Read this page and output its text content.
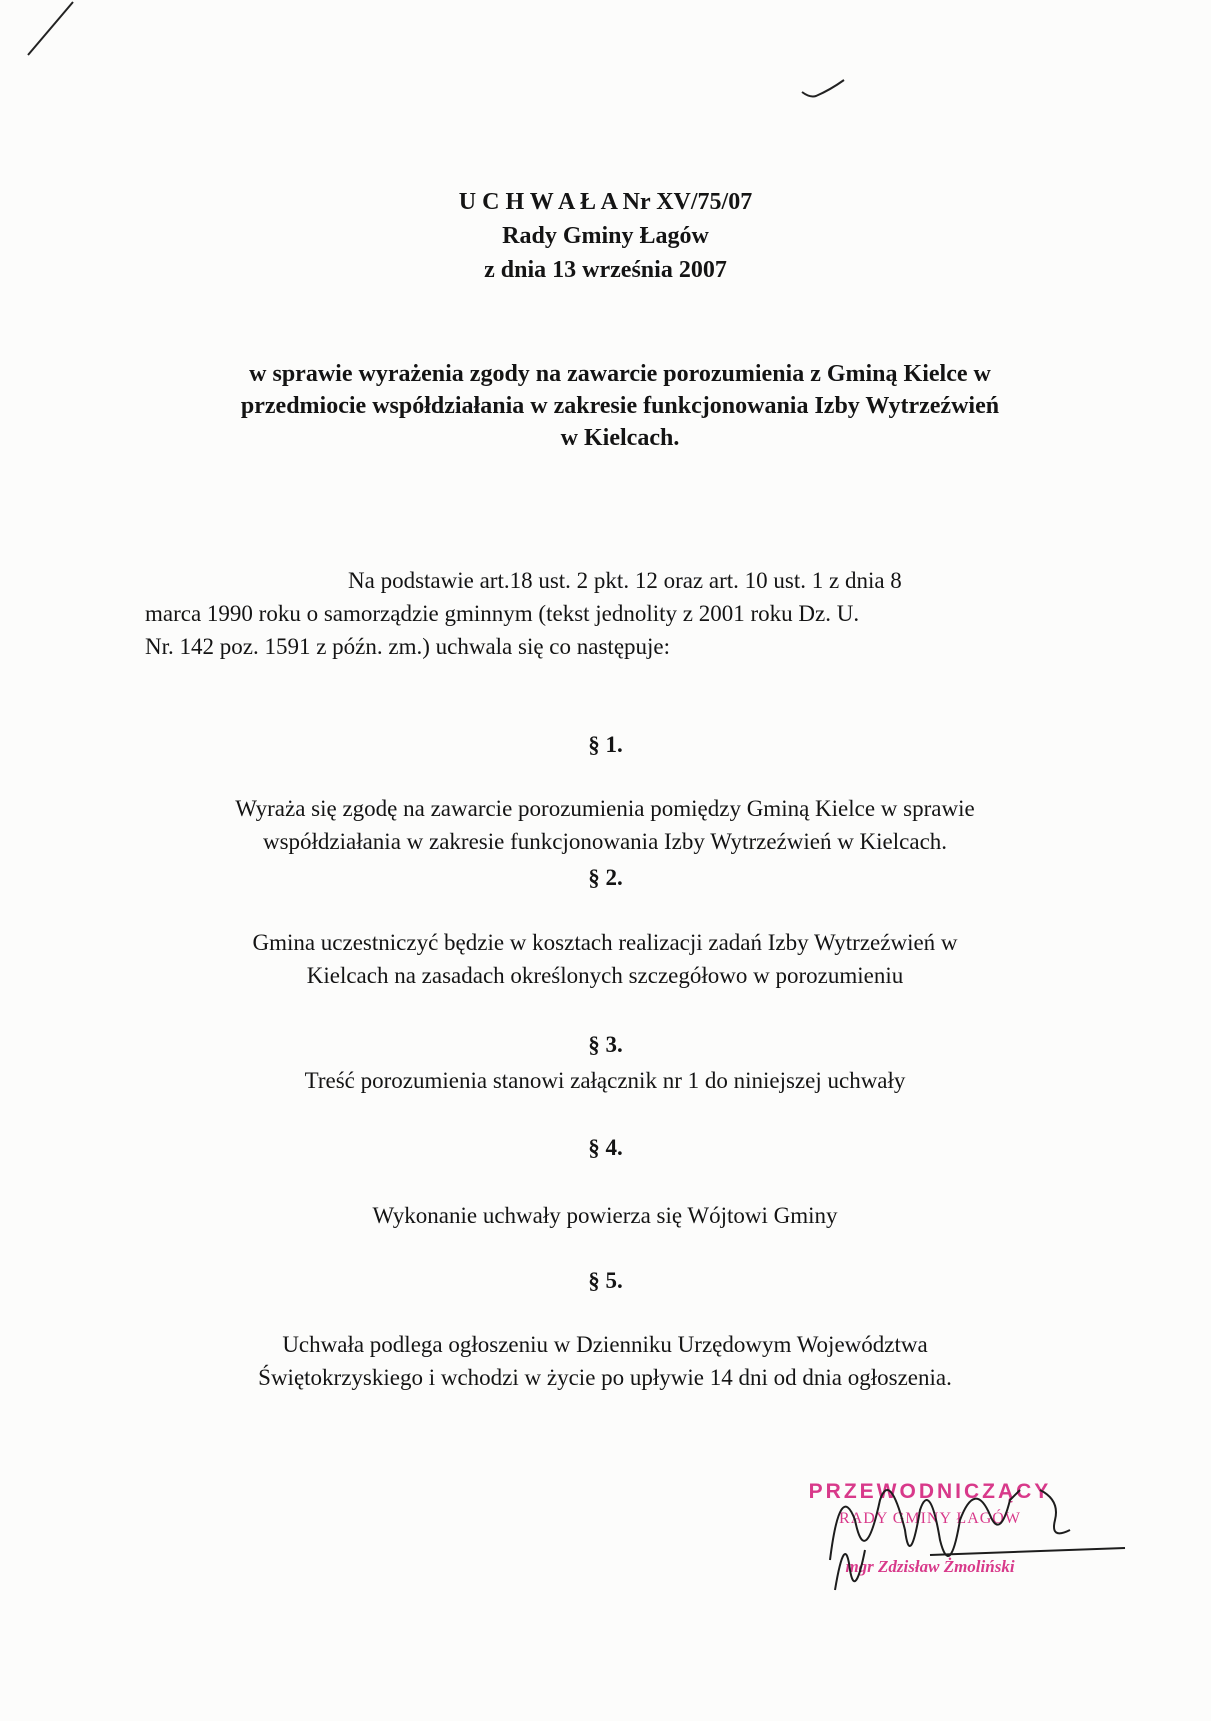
U C H W A Ł A Nr XV/75/07
Rady Gminy Łagów
z dnia 13 września 2007
w sprawie wyrażenia zgody na zawarcie porozumienia z Gminą Kielce w
przedmiocie współdziałania w zakresie funkcjonowania Izby Wytrzeźwień
w Kielcach.
Na podstawie art.18 ust. 2 pkt. 12 oraz art. 10 ust. 1 z dnia 8
marca 1990 roku o samorządzie gminnym (tekst jednolity z 2001 roku Dz. U.
Nr. 142 poz. 1591 z późn. zm.) uchwala się co następuje:
§ 1.
Wyraża się zgodę na zawarcie porozumienia pomiędzy Gminą Kielce w sprawie
współdziałania w zakresie funkcjonowania Izby Wytrzeźwień w Kielcach.
§ 2.
Gmina uczestniczyć będzie w kosztach realizacji zadań Izby Wytrzeźwień w
Kielcach na zasadach określonych szczegółowo w porozumieniu
§ 3.
Treść porozumienia stanowi załącznik nr 1 do niniejszej uchwały
§ 4.
Wykonanie uchwały powierza się Wójtowi Gminy
§ 5.
Uchwała podlega ogłoszeniu w Dzienniku Urzędowym Województwa
Świętokrzyskiego i wchodzi w życie po upływie 14 dni od dnia ogłoszenia.
PRZEWODNICZĄCY
RADY GMINY ŁAGÓW
mgr Zdzisław Żmoliński
